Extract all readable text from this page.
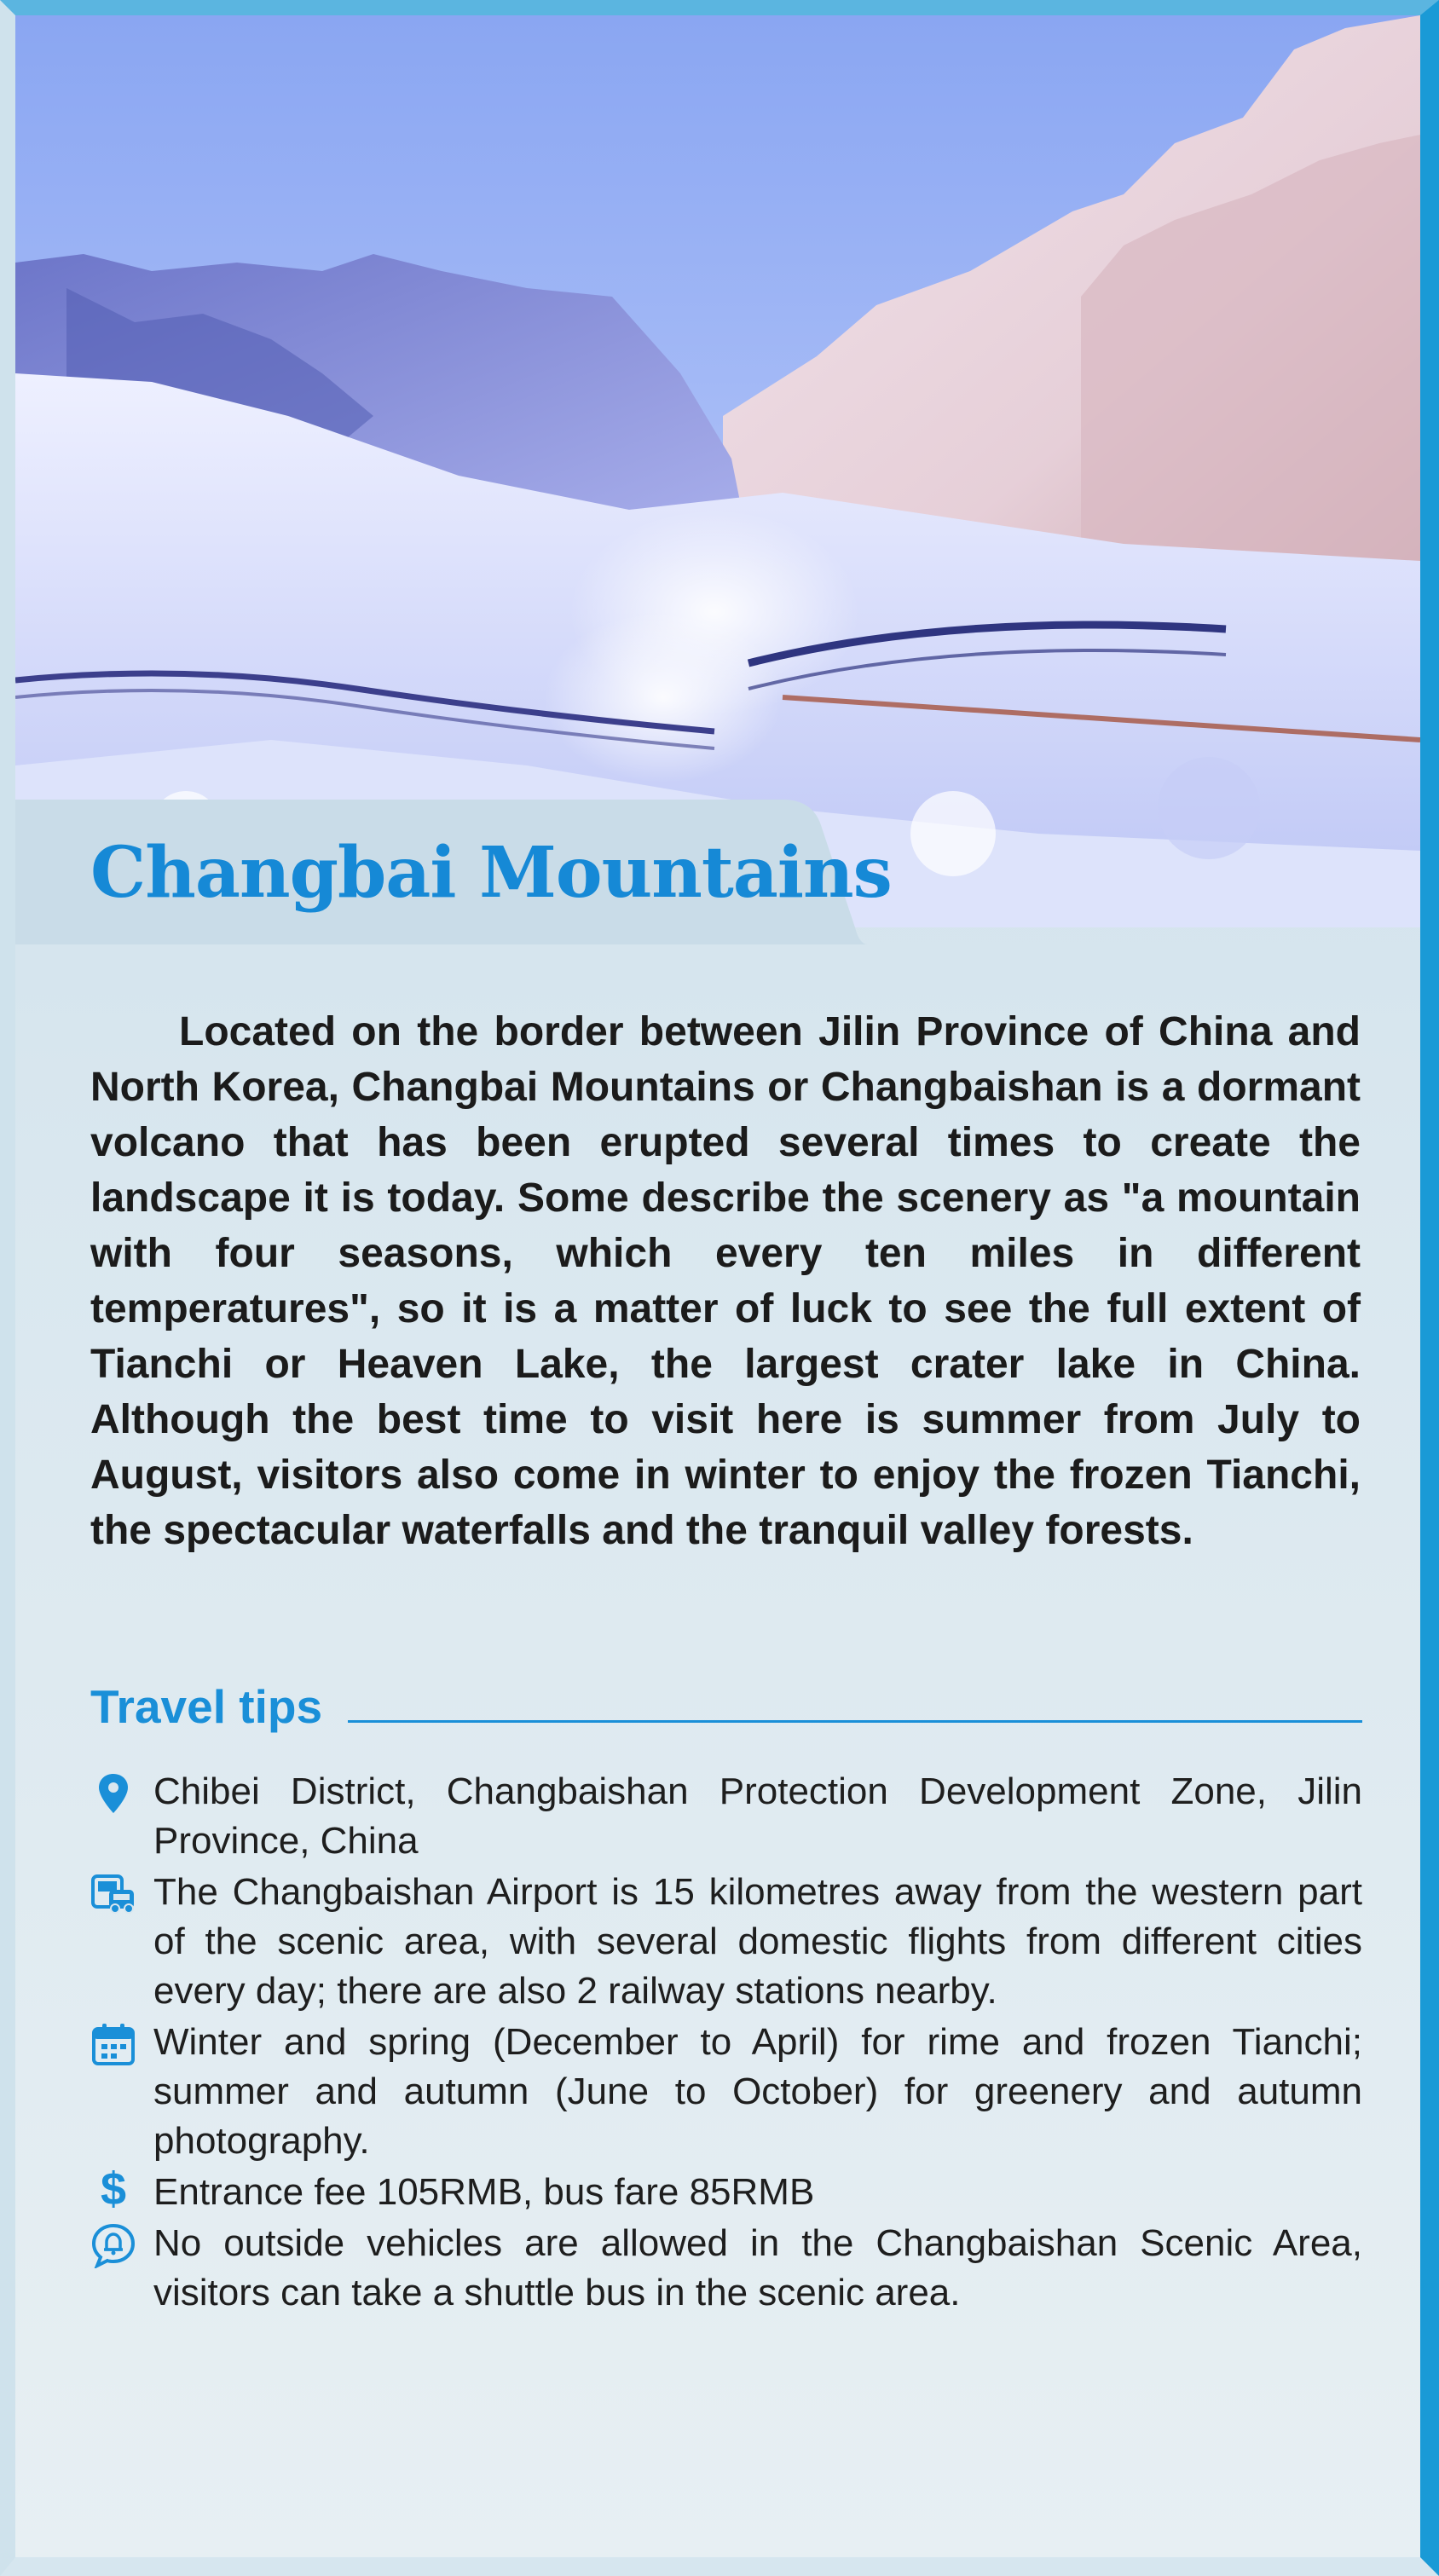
Changbai Mountains

Located on the border between Jilin Province of China and North Korea, Changbai Mountains or Changbaishan is a dormant volcano that has been erupted several times to create the landscape it is today. Some describe the scenery as "a mountain with four seasons, which every ten miles in different temperatures", so it is a matter of luck to see the full extent of Tianchi or Heaven Lake, the largest crater lake in China. Although the best time to visit here is summer from July to August, visitors also come in winter to enjoy the frozen Tianchi, the spectacular waterfalls and the tranquil valley forests.

Travel tips

Chibei District, Changbaishan Protection Development Zone, Jilin Province, China

The Changbaishan Airport is 15 kilometres away from the western part of the scenic area, with several domestic flights from different cities every day; there are also 2 railway stations nearby.

Winter and spring (December to April) for rime and frozen Tianchi; summer and autumn (June to October) for greenery and autumn photography.

$ Entrance fee 105RMB, bus fare 85RMB

No outside vehicles are allowed in the Changbaishan Scenic Area, visitors can take a shuttle bus in the scenic area.
